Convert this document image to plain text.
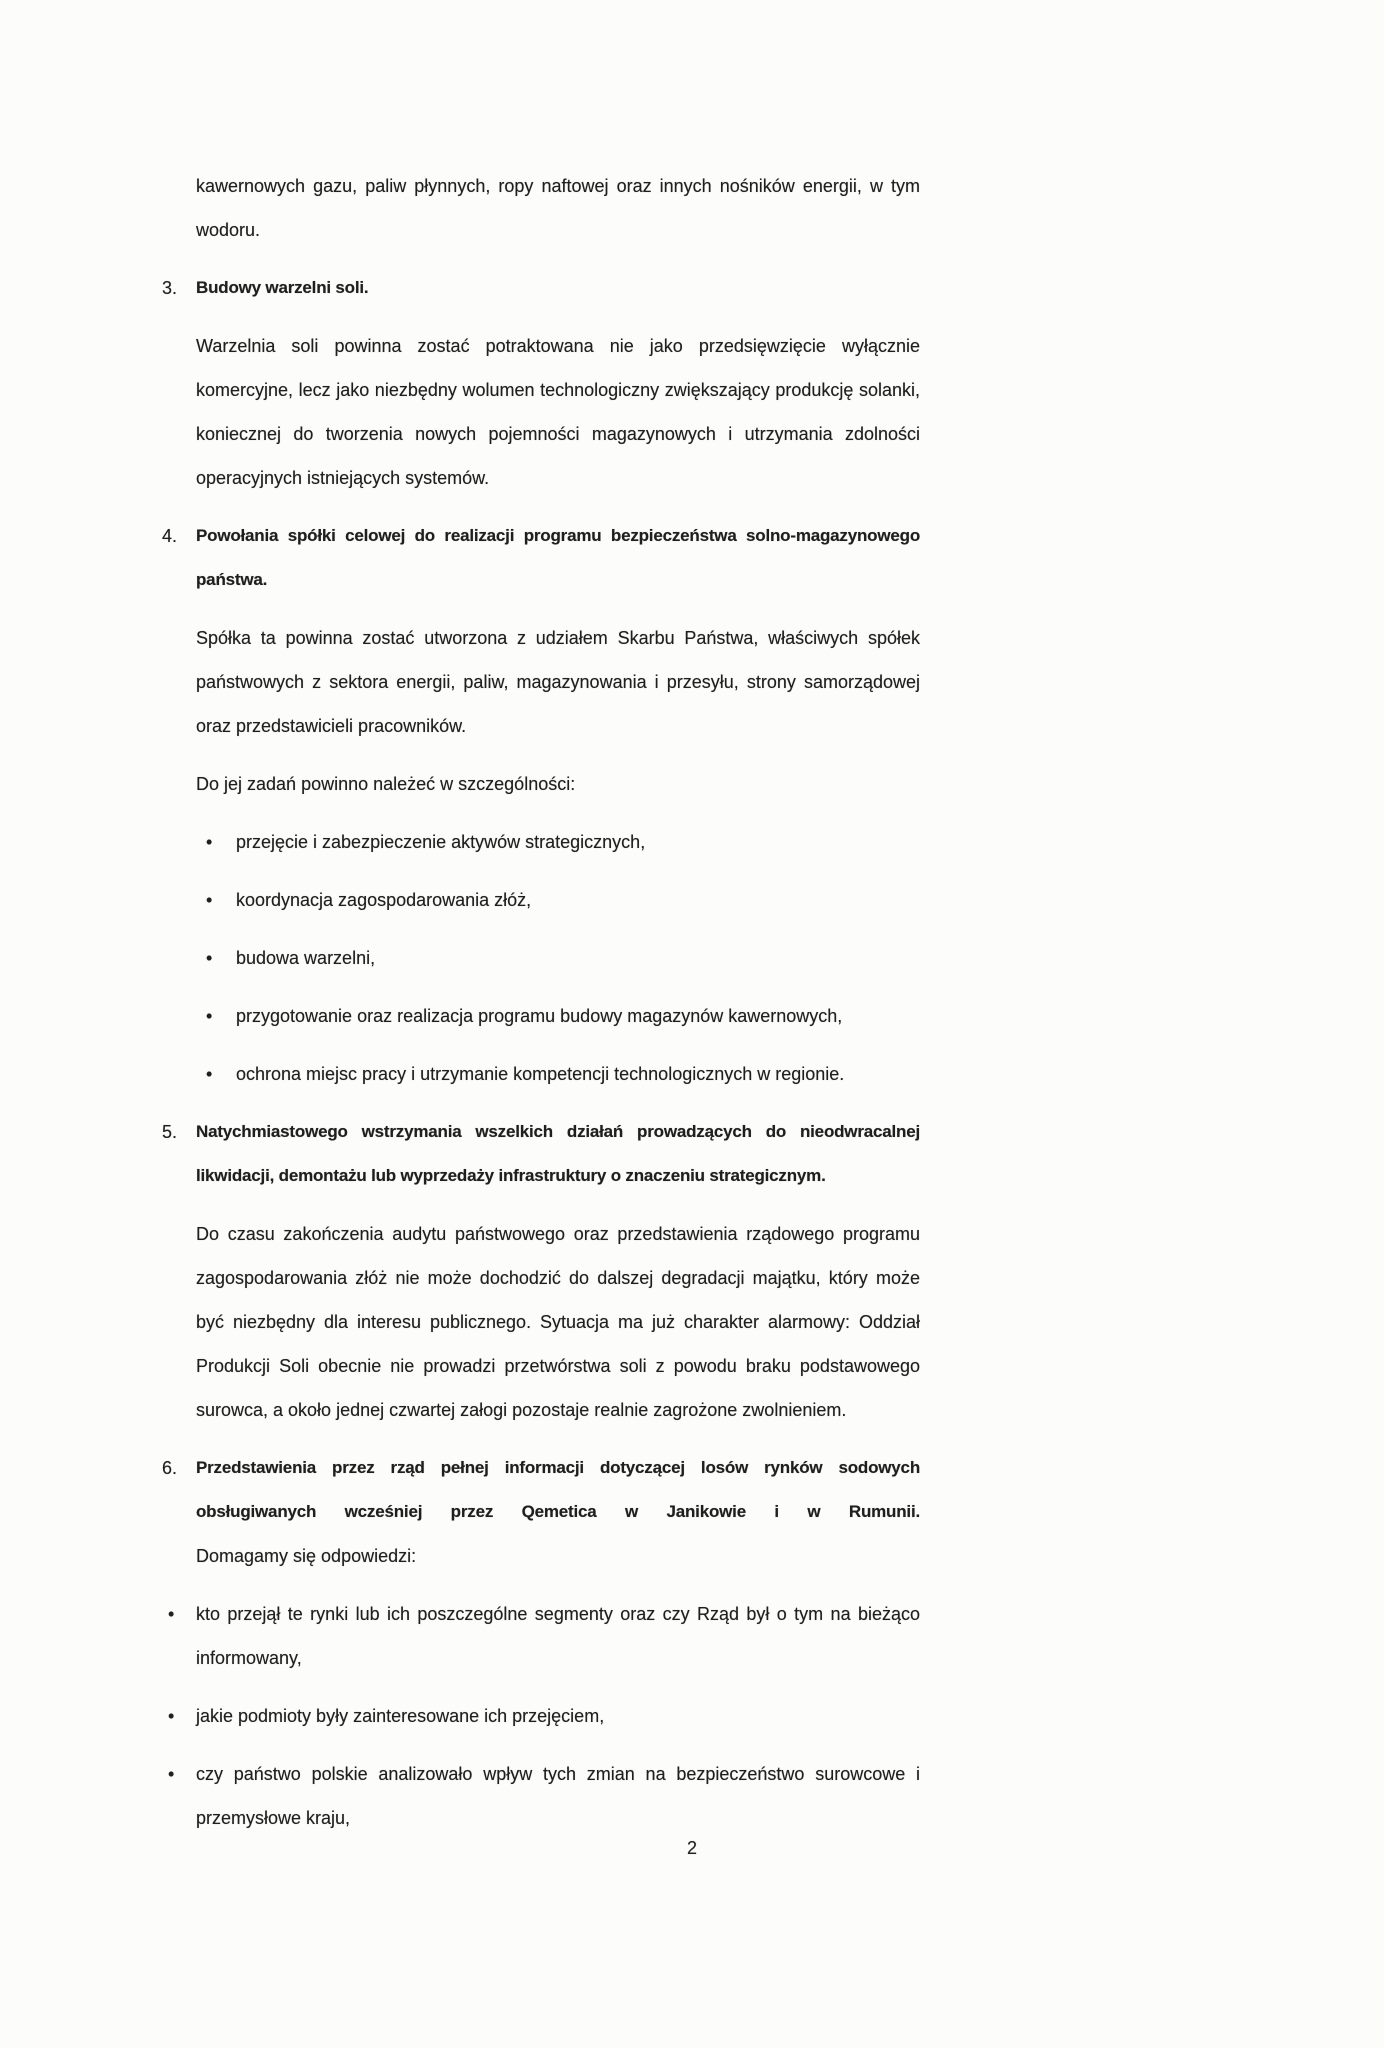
kawernowych gazu, paliw płynnych, ropy naftowej oraz innych nośników energii, w tym wodoru.
3. Budowy warzelni soli.
Warzelnia soli powinna zostać potraktowana nie jako przedsięwzięcie wyłącznie komercyjne, lecz jako niezbędny wolumen technologiczny zwiększający produkcję solanki, koniecznej do tworzenia nowych pojemności magazynowych i utrzymania zdolności operacyjnych istniejących systemów.
4. Powołania spółki celowej do realizacji programu bezpieczeństwa solno-magazynowego państwa.
Spółka ta powinna zostać utworzona z udziałem Skarbu Państwa, właściwych spółek państwowych z sektora energii, paliw, magazynowania i przesyłu, strony samorządowej oraz przedstawicieli pracowników.
Do jej zadań powinno należeć w szczególności:
• przejęcie i zabezpieczenie aktywów strategicznych,
• koordynacja zagospodarowania złóż,
• budowa warzelni,
• przygotowanie oraz realizacja programu budowy magazynów kawernowych,
• ochrona miejsc pracy i utrzymanie kompetencji technologicznych w regionie.
5. Natychmiastowego wstrzymania wszelkich działań prowadzących do nieodwracalnej likwidacji, demontażu lub wyprzedaży infrastruktury o znaczeniu strategicznym.
Do czasu zakończenia audytu państwowego oraz przedstawienia rządowego programu zagospodarowania złóż nie może dochodzić do dalszej degradacji majątku, który może być niezbędny dla interesu publicznego. Sytuacja ma już charakter alarmowy: Oddział Produkcji Soli obecnie nie prowadzi przetwórstwa soli z powodu braku podstawowego surowca, a około jednej czwartej załogi pozostaje realnie zagrożone zwolnieniem.
6. Przedstawienia przez rząd pełnej informacji dotyczącej losów rynków sodowych obsługiwanych wcześniej przez Qemetica w Janikowie i w Rumunii.
Domagamy się odpowiedzi:
• kto przejął te rynki lub ich poszczególne segmenty oraz czy Rząd był o tym na bieżąco informowany,
• jakie podmioty były zainteresowane ich przejęciem,
• czy państwo polskie analizowało wpływ tych zmian na bezpieczeństwo surowcowe i przemysłowe kraju,
2
